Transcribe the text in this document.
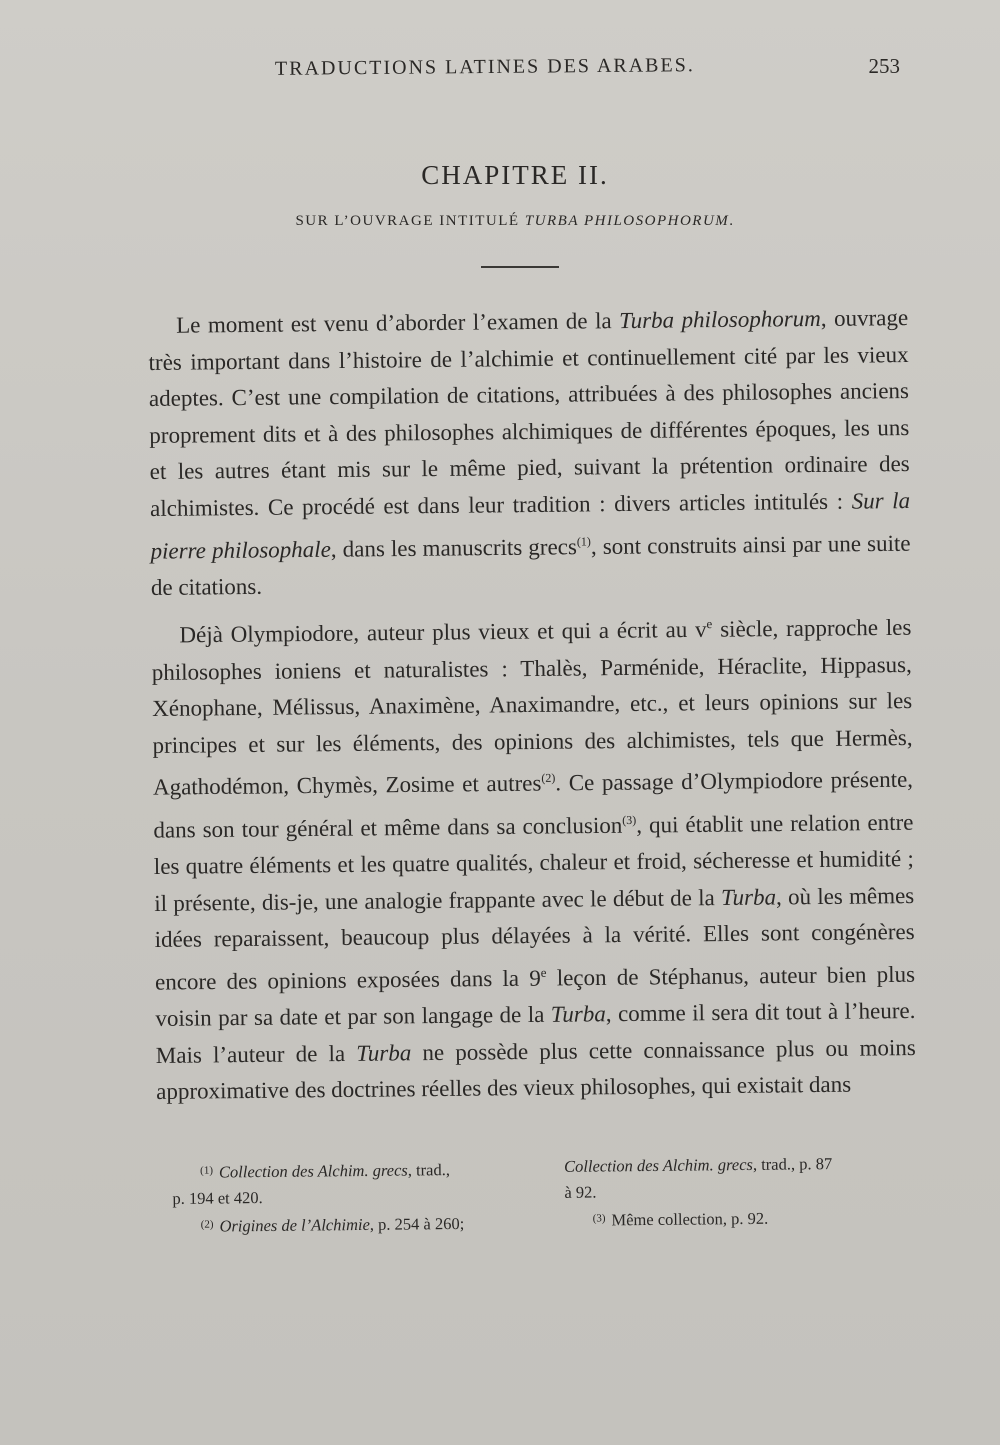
TRADUCTIONS LATINES DES ARABES.	253
CHAPITRE II.
SUR L’OUVRAGE INTITULÉ TURBA PHILOSOPHORUM.

Le moment est venu d’aborder l’examen de la Turba philosophorum, ouvrage très important dans l’histoire de l’alchimie et continuellement cité par les vieux adeptes. C’est une compilation de citations, attribuées à des philosophes anciens proprement dits et à des philosophes alchimiques de différentes époques, les uns et les autres étant mis sur le même pied, suivant la prétention ordinaire des alchimistes. Ce procédé est dans leur tradition : divers articles intitulés : Sur la pierre philosophale, dans les manuscrits grecs$^{(1)}$, sont construits ainsi par une suite de citations.

Déjà Olympiodore, auteur plus vieux et qui a écrit au $v^e$ siècle, rapproche les philosophes ioniens et naturalistes : Thalès, Parménide, Héraclite, Hippasus, Xénophane, Mélissus, Anaximène, Anaximandre, etc., et leurs opinions sur les principes et sur les éléments, des opinions des alchimistes, tels que Hermès, Agathodémon, Chymès, Zosime et autres$^{(2)}$. Ce passage d’Olympiodore présente, dans son tour général et même dans sa conclusion$^{(3)}$, qui établit une relation entre les quatre éléments et les quatre qualités, chaleur et froid, sécheresse et humidité ; il présente, dis-je, une analogie frappante avec le début de la Turba, où les mêmes idées reparaissent, beaucoup plus délayées à la vérité. Elles sont congénères encore des opinions exposées dans la 9e leçon de Stéphanus, auteur bien plus voisin par sa date et par son langage de la Turba, comme il sera dit tout à l’heure. Mais l’auteur de la Turba ne possède plus cette connaissance plus ou moins approximative des doctrines réelles des vieux philosophes, qui existait dans

$^{(1)}$ Collection des Alchim. grecs, trad.,
p. 194 et 420.
$^{(2)}$ Origines de l’Alchimie, p. 254 à 260;
Collection des Alchim. grecs, trad., p. 87
à 92.
$^{(3)}$ Même collection, p. 92.
